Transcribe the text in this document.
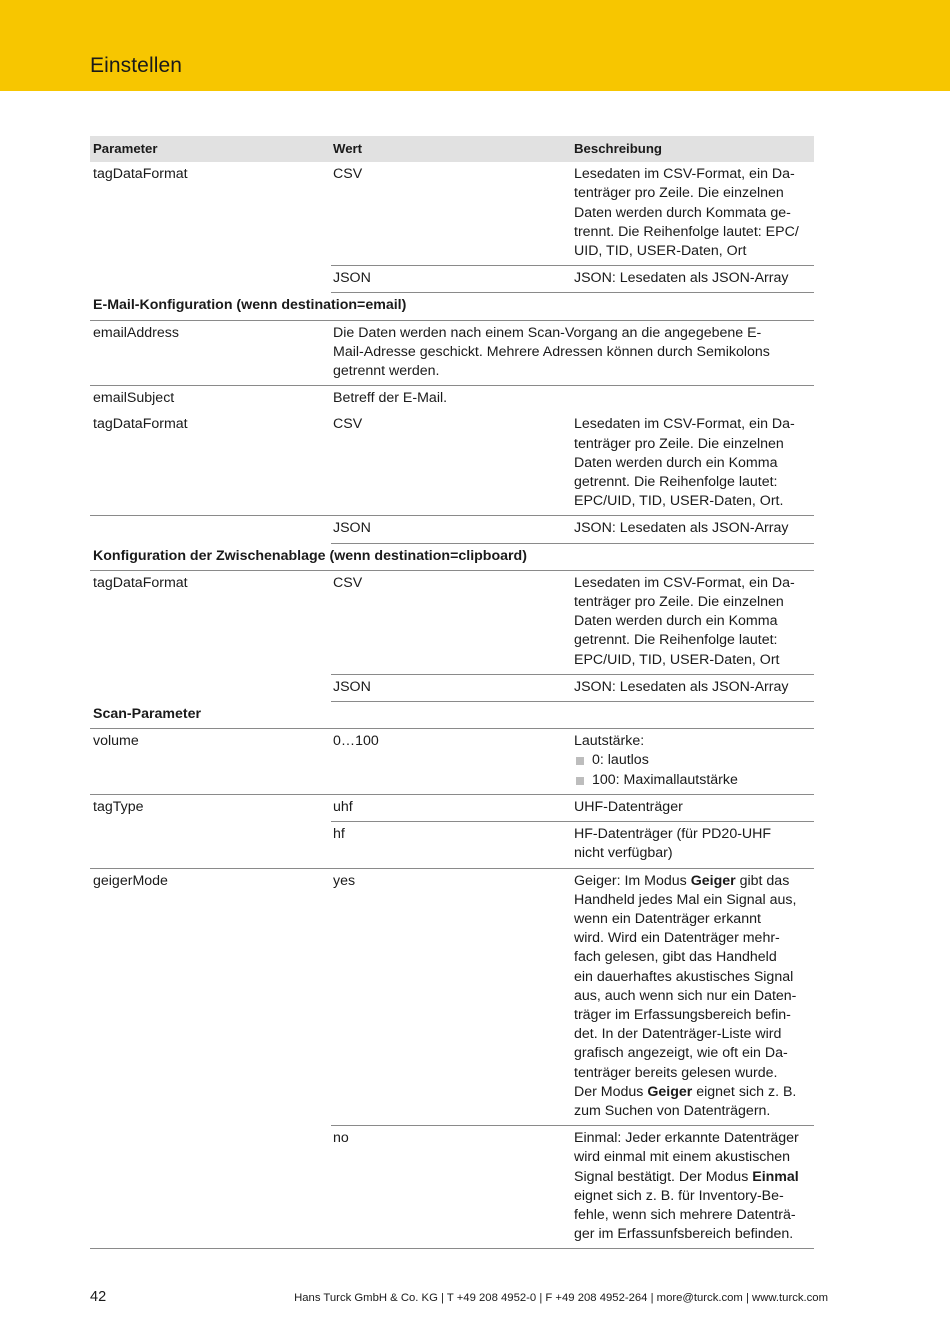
Einstellen
Parameter	Wert	Beschreibung
tagDataFormat	CSV	Lesedaten im CSV-Format, ein Da-
tenträger pro Zeile. Die einzelnen
Daten werden durch Kommata ge-
trennt. Die Reihenfolge lautet: EPC/
UID, TID, USER-Daten, Ort
JSON	JSON: Lesedaten als JSON-Array
E-Mail-Konfiguration (wenn destination=email)
emailAddress	Die Daten werden nach einem Scan-Vorgang an die angegebene E-
Mail-Adresse geschickt. Mehrere Adressen können durch Semikolons
getrennt werden.
emailSubject	Betreff der E-Mail.
tagDataFormat	CSV	Lesedaten im CSV-Format, ein Da-
tenträger pro Zeile. Die einzelnen
Daten werden durch ein Komma
getrennt. Die Reihenfolge lautet:
EPC/UID, TID, USER-Daten, Ort.
JSON	JSON: Lesedaten als JSON-Array
Konfiguration der Zwischenablage (wenn destination=clipboard)
tagDataFormat	CSV	Lesedaten im CSV-Format, ein Da-
tenträger pro Zeile. Die einzelnen
Daten werden durch ein Komma
getrennt. Die Reihenfolge lautet:
EPC/UID, TID, USER-Daten, Ort
JSON	JSON: Lesedaten als JSON-Array
Scan-Parameter
volume	0…100	Lautstärke:
0: lautlos
100: Maximallautstärke
tagType	uhf	UHF-Datenträger
hf	HF-Datenträger (für PD20-UHF
nicht verfügbar)
geigerMode	yes	Geiger: Im Modus Geiger gibt das
Handheld jedes Mal ein Signal aus,
wenn ein Datenträger erkannt
wird. Wird ein Datenträger mehr-
fach gelesen, gibt das Handheld
ein dauerhaftes akustisches Signal
aus, auch wenn sich nur ein Daten-
träger im Erfassungsbereich befin-
det. In der Datenträger-Liste wird
grafisch angezeigt, wie oft ein Da-
tenträger bereits gelesen wurde.
Der Modus Geiger eignet sich z. B.
zum Suchen von Datenträgern.
no	Einmal: Jeder erkannte Datenträger
wird einmal mit einem akustischen
Signal bestätigt. Der Modus Einmal
eignet sich z. B. für Inventory-Be-
fehle, wenn sich mehrere Datenträ-
ger im Erfassunfsbereich befinden.
42	Hans Turck GmbH & Co. KG | T +49 208 4952-0 | F +49 208 4952-264 | more@turck.com | www.turck.com
